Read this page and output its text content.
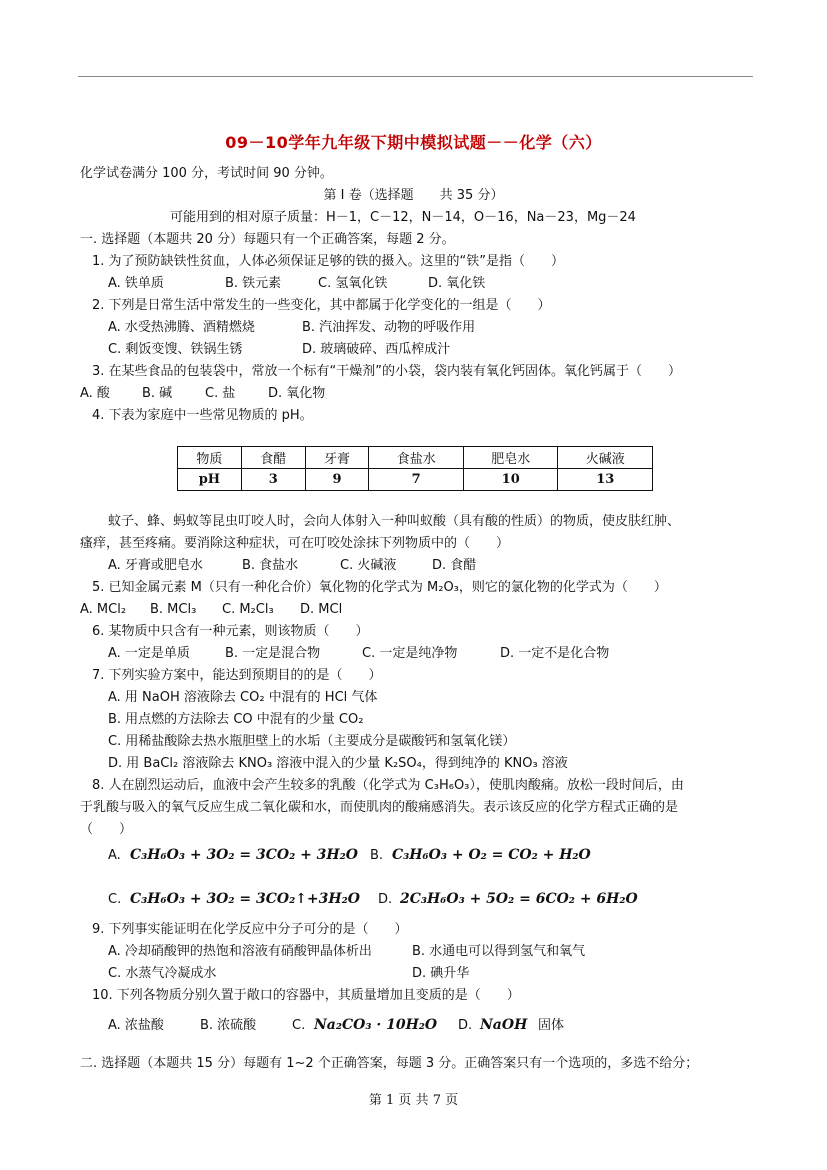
09－10学年九年级下期中模拟试题－－化学（六）
化学试卷满分 100 分，考试时间 90 分钟。
第 I 卷（选择题　　共 35 分）
可能用到的相对原子质量：H－1，C－12，N－14，O－16，Na－23，Mg－24
一. 选择题（本题共 20 分）每题只有一个正确答案，每题 2 分。
1. 为了预防缺铁性贫血，人体必须保证足够的铁的摄入。这里的“铁”是指（　　）
A. 铁单质	B. 铁元素	C. 氢氧化铁	D. 氧化铁
2. 下列是日常生活中常发生的一些变化，其中都属于化学变化的一组是（　　）
A. 水受热沸腾、酒精燃烧	B. 汽油挥发、动物的呼吸作用
C. 剩饭变馊、铁锅生锈	D. 玻璃破碎、西瓜榨成汁
3. 在某些食品的包装袋中，常放一个标有“干燥剂”的小袋，袋内装有氧化钙固体。氧化钙属于（　　）
A. 酸 B. 碱	C. 盐	D. 氧化物
4. 下表为家庭中一些常见物质的 pH。
物质	食醋	牙膏	食盐水	肥皂水	火碱液
pH	3	9	7	10	13
蚊子、蜂、蚂蚁等昆虫叮咬人时，会向人体射入一种叫蚁酸（具有酸的性质）的物质，使皮肤红肿、
瘙痒，甚至疼痛。要消除这种症状，可在叮咬处涂抹下列物质中的（　　）
A. 牙膏或肥皂水	B. 食盐水	C. 火碱液	D. 食醋
5. 已知金属元素 M（只有一种化合价）氧化物的化学式为 M₂O₃，则它的氯化物的化学式为（　　）
A. MCl₂ B. MCl₃ C. M₂Cl₃ D. MCl
6. 某物质中只含有一种元素，则该物质（　　）
A. 一定是单质	B. 一定是混合物	C. 一定是纯净物	D. 一定不是化合物
7. 下列实验方案中，能达到预期目的的是（　　）
A. 用 NaOH 溶液除去 CO₂ 中混有的 HCl 气体
B. 用点燃的方法除去 CO 中混有的少量 CO₂
C. 用稀盐酸除去热水瓶胆壁上的水垢（主要成分是碳酸钙和氢氧化镁）
D. 用 BaCl₂ 溶液除去 KNO₃ 溶液中混入的少量 K₂SO₄，得到纯净的 KNO₃ 溶液
8. 人在剧烈运动后，血液中会产生较多的乳酸（化学式为 C₃H₆O₃），使肌肉酸痛。放松一段时间后，由
于乳酸与吸入的氧气反应生成二氧化碳和水，而使肌肉的酸痛感消失。表示该反应的化学方程式正确的是
（　　）
A. C₃H₆O₃ + 3O₂ = 3CO₂ + 3H₂O B. C₃H₆O₃ + O₂ = CO₂ + H₂O
C. C₃H₆O₃ + 3O₂ = 3CO₂↑+3H₂O D. 2C₃H₆O₃ + 5O₂ = 6CO₂ + 6H₂O
9. 下列事实能证明在化学反应中分子可分的是（　　）
A. 冷却硝酸钾的热饱和溶液有硝酸钾晶体析出	B. 水通电可以得到氢气和氧气
C. 水蒸气冷凝成水	D. 碘升华
10. 下列各物质分别久置于敞口的容器中，其质量增加且变质的是（　　）
A. 浓盐酸	B. 浓硫酸	C. Na₂CO₃ · 10H₂O D. NaOH 固体
二. 选择题（本题共 15 分）每题有 1~2 个正确答案，每题 3 分。正确答案只有一个选项的，多选不给分；
第 1 页 共 7 页
